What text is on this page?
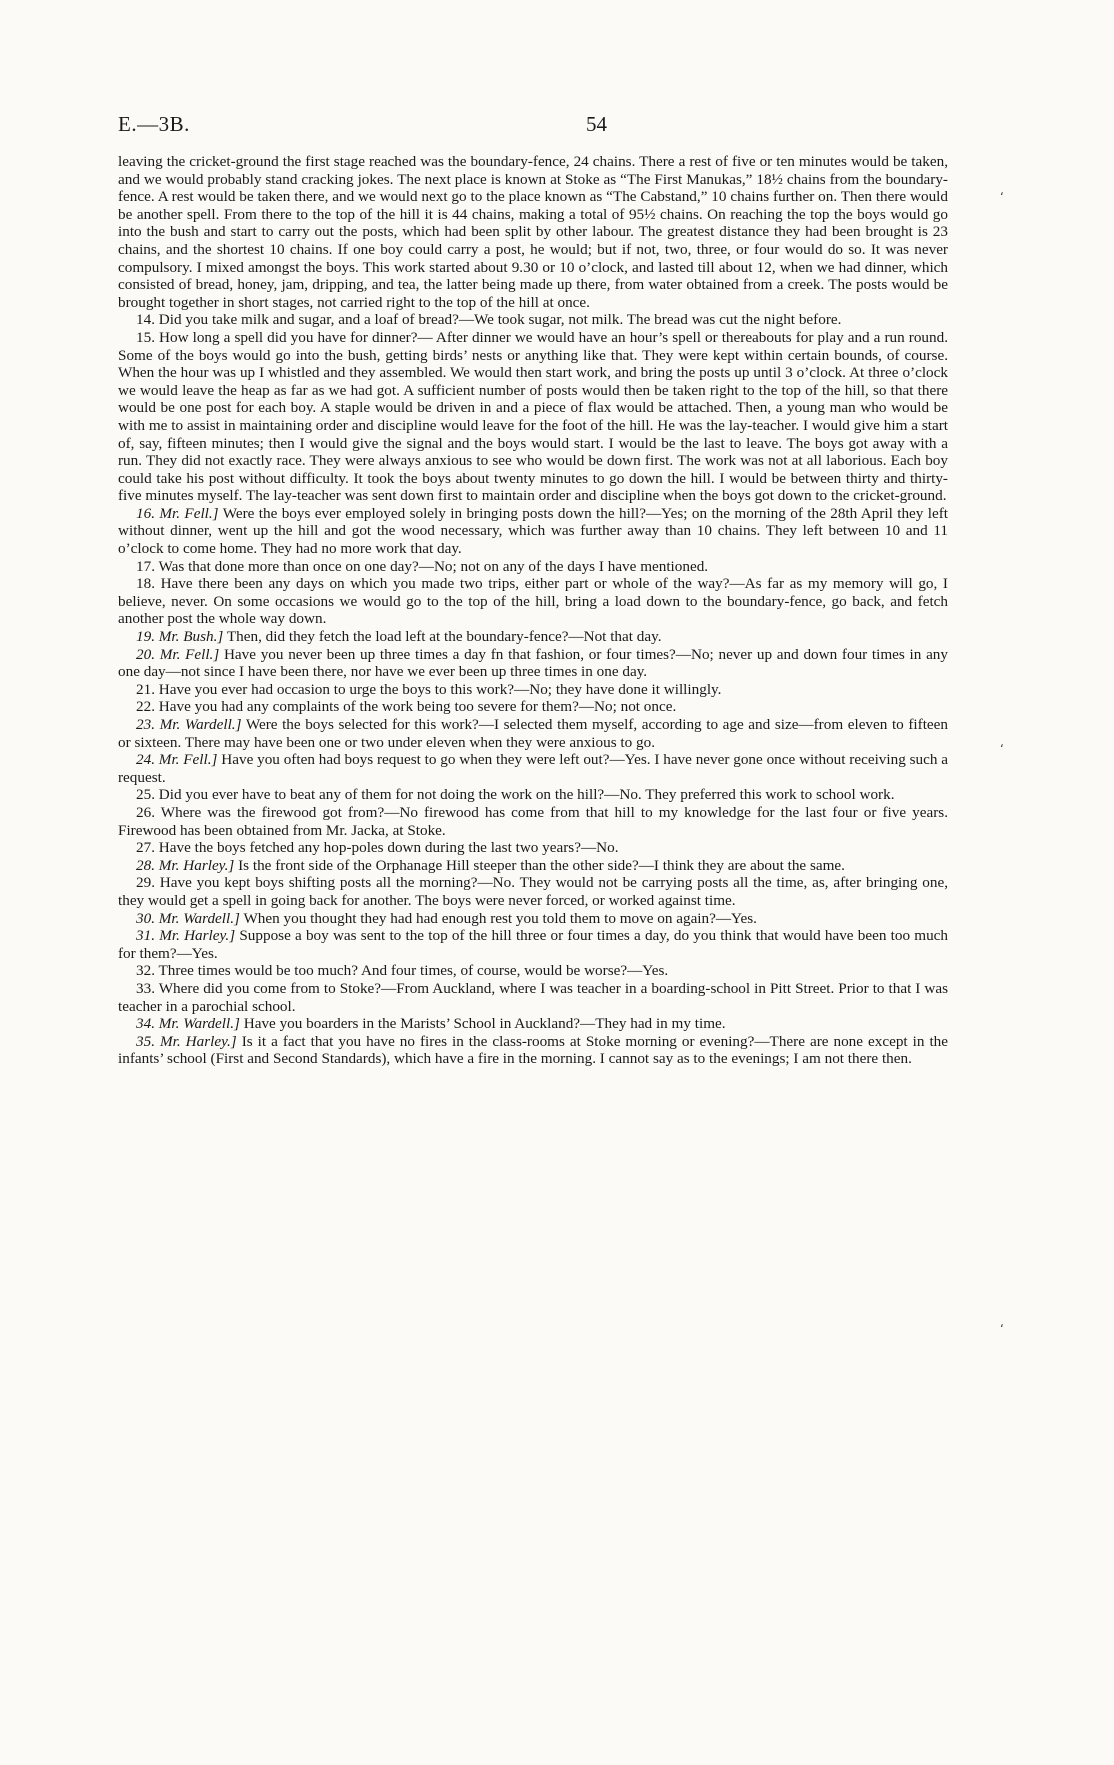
E.—3B.	54

leaving the cricket-ground the first stage reached was the boundary-fence, 24 chains. There a rest of five or ten minutes would be taken, and we would probably stand cracking jokes. The next place is known at Stoke as “The First Manukas,” 18½ chains from the boundary-fence. A rest would be taken there, and we would next go to the place known as “The Cabstand,” 10 chains further on. Then there would be another spell. From there to the top of the hill it is 44 chains, making a total of 95½ chains. On reaching the top the boys would go into the bush and start to carry out the posts, which had been split by other labour. The greatest distance they had been brought is 23 chains, and the shortest 10 chains. If one boy could carry a post, he would; but if not, two, three, or four would do so. It was never compulsory. I mixed amongst the boys. This work started about 9.30 or 10 o’clock, and lasted till about 12, when we had dinner, which consisted of bread, honey, jam, dripping, and tea, the latter being made up there, from water obtained from a creek. The posts would be brought together in short stages, not carried right to the top of the hill at once.

14. Did you take milk and sugar, and a loaf of bread?—We took sugar, not milk. The bread was cut the night before.

15. How long a spell did you have for dinner?— After dinner we would have an hour’s spell or thereabouts for play and a run round. Some of the boys would go into the bush, getting birds’ nests or anything like that. They were kept within certain bounds, of course. When the hour was up I whistled and they assembled. We would then start work, and bring the posts up until 3 o’clock. At three o’clock we would leave the heap as far as we had got. A sufficient number of posts would then be taken right to the top of the hill, so that there would be one post for each boy. A staple would be driven in and a piece of flax would be attached. Then, a young man who would be with me to assist in maintaining order and discipline would leave for the foot of the hill. He was the lay-teacher. I would give him a start of, say, fifteen minutes; then I would give the signal and the boys would start. I would be the last to leave. The boys got away with a run. They did not exactly race. They were always anxious to see who would be down first. The work was not at all laborious. Each boy could take his post without difficulty. It took the boys about twenty minutes to go down the hill. I would be between thirty and thirty-five minutes myself. The lay-teacher was sent down first to maintain order and discipline when the boys got down to the cricket-ground.

16. Mr. Fell.] Were the boys ever employed solely in bringing posts down the hill?—Yes; on the morning of the 28th April they left without dinner, went up the hill and got the wood necessary, which was further away than 10 chains. They left between 10 and 11 o’clock to come home. They had no more work that day.

17. Was that done more than once on one day?—No; not on any of the days I have mentioned.

18. Have there been any days on which you made two trips, either part or whole of the way?—As far as my memory will go, I believe, never. On some occasions we would go to the top of the hill, bring a load down to the boundary-fence, go back, and fetch another post the whole way down.

19. Mr. Bush.] Then, did they fetch the load left at the boundary-fence?—Not that day.

20. Mr. Fell.] Have you never been up three times a day fn that fashion, or four times?—No; never up and down four times in any one day—not since I have been there, nor have we ever been up three times in one day.

21. Have you ever had occasion to urge the boys to this work?—No; they have done it willingly.

22. Have you had any complaints of the work being too severe for them?—No; not once.

23. Mr. Wardell.] Were the boys selected for this work?—I selected them myself, according to age and size—from eleven to fifteen or sixteen. There may have been one or two under eleven when they were anxious to go.

24. Mr. Fell.] Have you often had boys request to go when they were left out?—Yes. I have never gone once without receiving such a request.

25. Did you ever have to beat any of them for not doing the work on the hill?—No. They preferred this work to school work.

26. Where was the firewood got from?—No firewood has come from that hill to my knowledge for the last four or five years. Firewood has been obtained from Mr. Jacka, at Stoke.

27. Have the boys fetched any hop-poles down during the last two years?—No.

28. Mr. Harley.] Is the front side of the Orphanage Hill steeper than the other side?—I think they are about the same.

29. Have you kept boys shifting posts all the morning?—No. They would not be carrying posts all the time, as, after bringing one, they would get a spell in going back for another. The boys were never forced, or worked against time.

30. Mr. Wardell.] When you thought they had had enough rest you told them to move on again?—Yes.

31. Mr. Harley.] Suppose a boy was sent to the top of the hill three or four times a day, do you think that would have been too much for them?—Yes.

32. Three times would be too much? And four times, of course, would be worse?—Yes.

33. Where did you come from to Stoke?—From Auckland, where I was teacher in a boarding-school in Pitt Street. Prior to that I was teacher in a parochial school.

34. Mr. Wardell.] Have you boarders in the Marists’ School in Auckland?—They had in my time.

35. Mr. Harley.] Is it a fact that you have no fires in the class-rooms at Stoke morning or evening?—There are none except in the infants’ school (First and Second Standards), which have a fire in the morning. I cannot say as to the evenings; I am not there then.

‘
‘
‘
